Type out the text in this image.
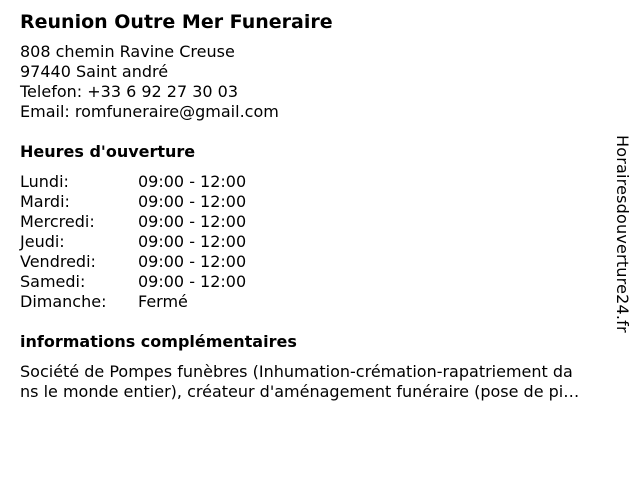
Reunion Outre Mer Funeraire
808 chemin Ravine Creuse
97440 Saint andré
Telefon: +33 6 92 27 30 03
Email: romfuneraire@gmail.com
Heures d'ouverture
Lundi:	09:00 - 12:00
Mardi:	09:00 - 12:00
Mercredi:	09:00 - 12:00
Jeudi:	09:00 - 12:00
Vendredi:	09:00 - 12:00
Samedi:	09:00 - 12:00
Dimanche:	Fermé
informations complémentaires
Société de Pompes funèbres (Inhumation-crémation-rapatriement da
ns le monde entier), créateur d'aménagement funéraire (pose de pi…
Horairesdouverture24.fr
